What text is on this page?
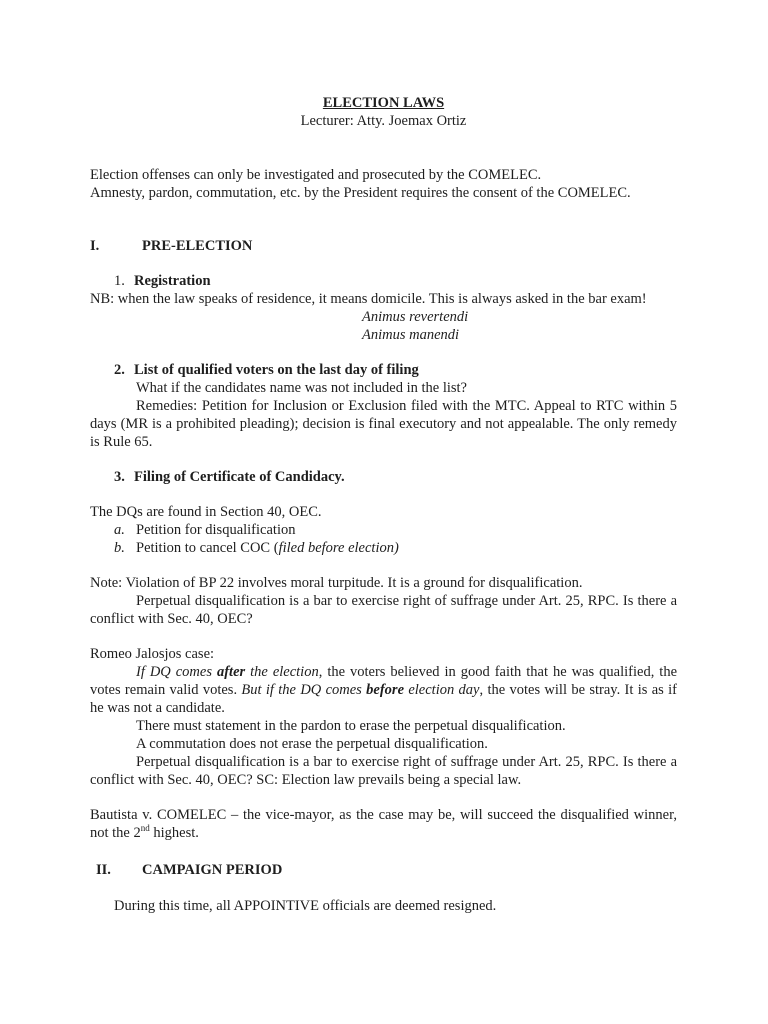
ELECTION LAWS
Lecturer: Atty. Joemax Ortiz
Election offenses can only be investigated and prosecuted by the COMELEC.
Amnesty, pardon, commutation, etc. by the President requires the consent of the COMELEC.
I.	PRE-ELECTION
1. Registration
NB: when the law speaks of residence, it means domicile. This is always asked in the bar exam!
Animus revertendi
Animus manendi
2. List of qualified voters on the last day of filing
What if the candidates name was not included in the list?
Remedies: Petition for Inclusion or Exclusion filed with the MTC. Appeal to RTC within 5 days (MR is a prohibited pleading); decision is final executory and not appealable. The only remedy is Rule 65.
3. Filing of Certificate of Candidacy.
The DQs are found in Section 40, OEC.
a. Petition for disqualification
b. Petition to cancel COC (filed before election)
Note: Violation of BP 22 involves moral turpitude. It is a ground for disqualification.
Perpetual disqualification is a bar to exercise right of suffrage under Art. 25, RPC. Is there a conflict with Sec. 40, OEC?
Romeo Jalosjos case:
If DQ comes after the election, the voters believed in good faith that he was qualified, the votes remain valid votes. But if the DQ comes before election day, the votes will be stray. It is as if he was not a candidate.
There must statement in the pardon to erase the perpetual disqualification.
A commutation does not erase the perpetual disqualification.
Perpetual disqualification is a bar to exercise right of suffrage under Art. 25, RPC. Is there a conflict with Sec. 40, OEC? SC: Election law prevails being a special law.
Bautista v. COMELEC – the vice-mayor, as the case may be, will succeed the disqualified winner, not the 2nd highest.
II. CAMPAIGN PERIOD
During this time, all APPOINTIVE officials are deemed resigned.
